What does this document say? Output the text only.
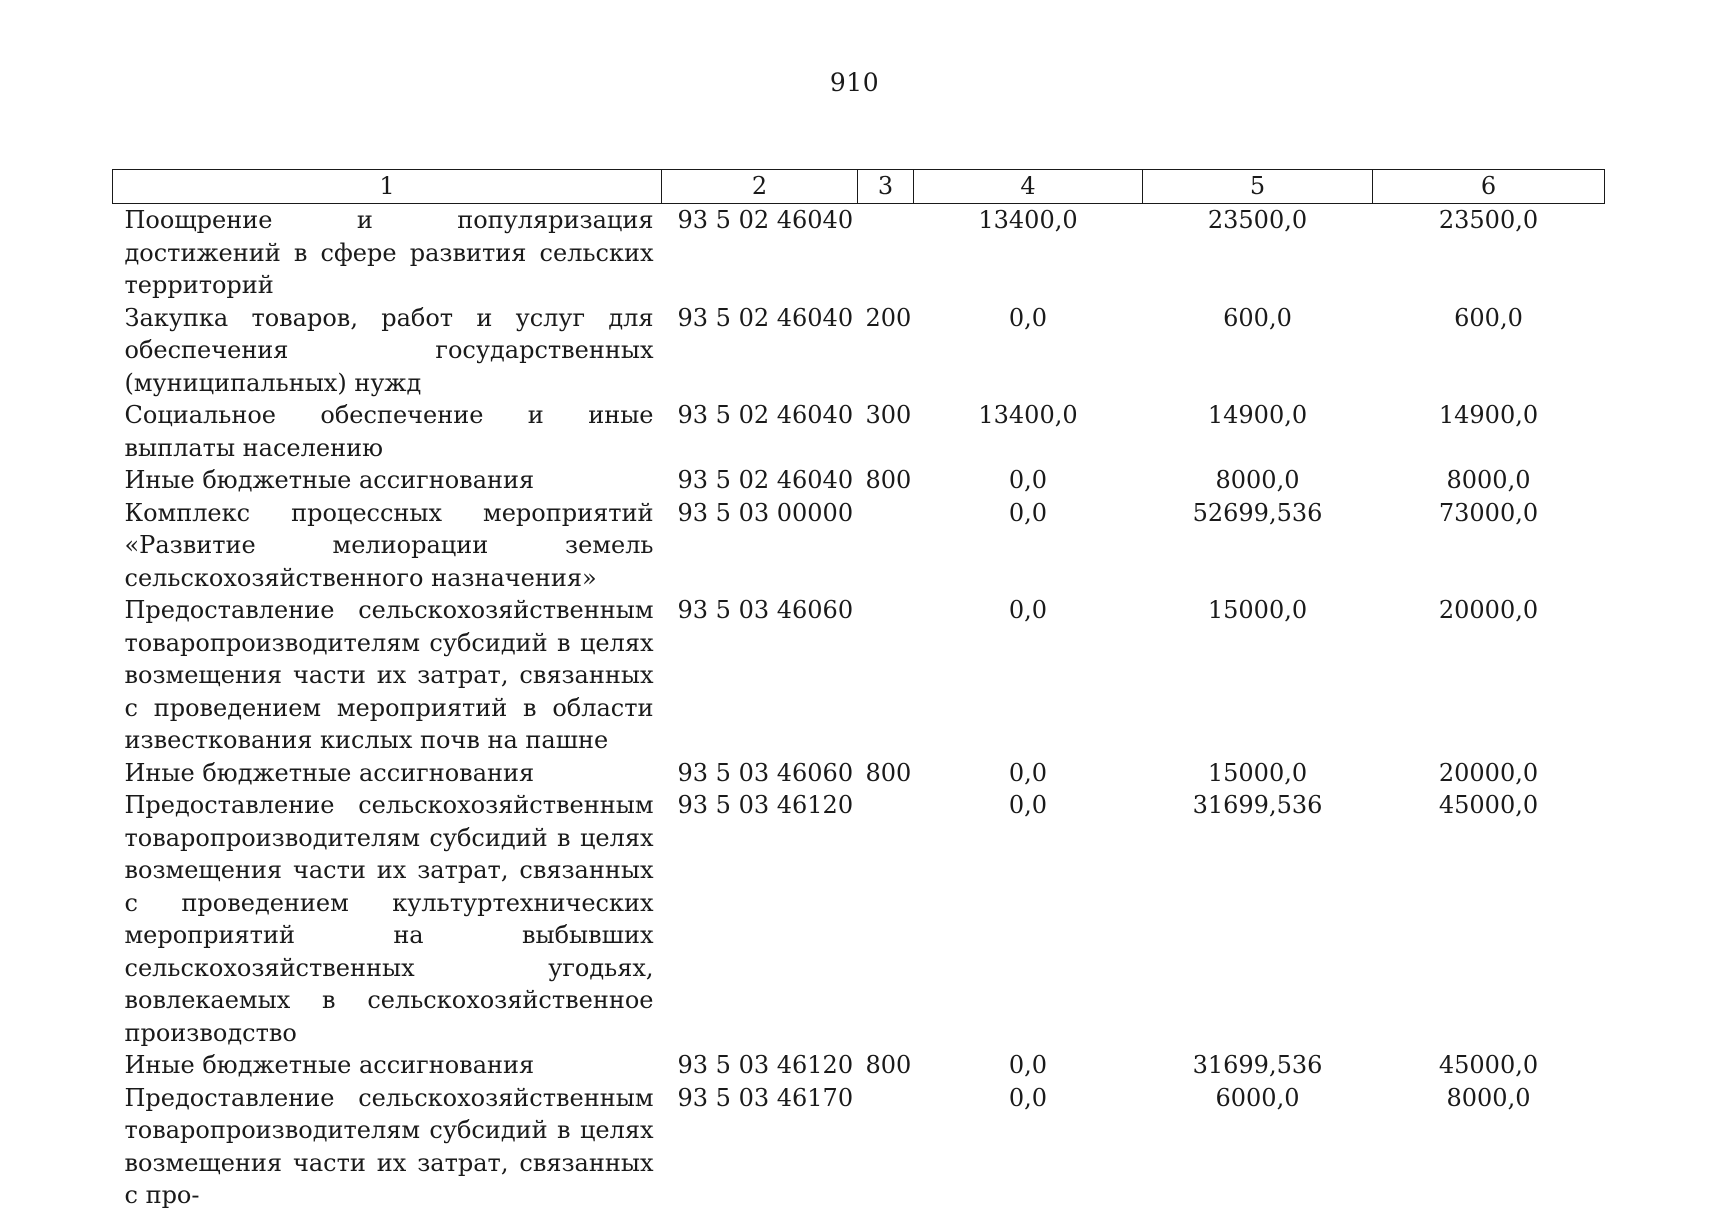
910
1	2	3	4	5	6
Поощрение и популяризация достижений в сфере развития сельских территорий	93 5 02 46040		13400,0	23500,0	23500,0
Закупка товаров, работ и услуг для обеспечения государственных (муниципальных) нужд	93 5 02 46040	200	0,0	600,0	600,0
Социальное обеспечение и иные выплаты населению	93 5 02 46040	300	13400,0	14900,0	14900,0
Иные бюджетные ассигнования	93 5 02 46040	800	0,0	8000,0	8000,0
Комплекс процессных мероприятий «Развитие мелиорации земель сельскохозяйственного назначения»	93 5 03 00000		0,0	52699,536	73000,0
Предоставление сельскохозяйственным товаропроизводителям субсидий в целях возмещения части их затрат, связанных с проведением мероприятий в области известкования кислых почв на пашне	93 5 03 46060		0,0	15000,0	20000,0
Иные бюджетные ассигнования	93 5 03 46060	800	0,0	15000,0	20000,0
Предоставление сельскохозяйственным товаропроизводителям субсидий в целях возмещения части их затрат, связанных с проведением культуртехнических мероприятий на выбывших сельскохозяйственных угодьях, вовлекаемых в сельскохозяйственное производство	93 5 03 46120		0,0	31699,536	45000,0
Иные бюджетные ассигнования	93 5 03 46120	800	0,0	31699,536	45000,0
Предоставление сельскохозяйственным товаропроизводителям субсидий в целях возмещения части их затрат, связанных с про-	93 5 03 46170		0,0	6000,0	8000,0
